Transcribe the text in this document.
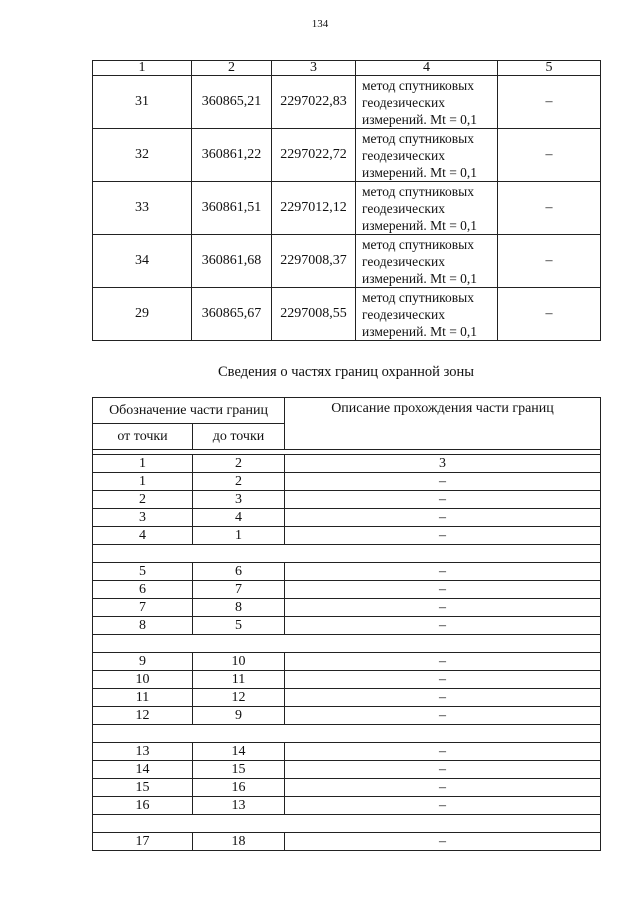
134
1	2	3	4	5
31	360865,21	2297022,83	метод спутниковых
геодезических
измерений. Mt = 0,1	–
32	360861,22	2297022,72	метод спутниковых
геодезических
измерений. Mt = 0,1	–
33	360861,51	2297012,12	метод спутниковых
геодезических
измерений. Mt = 0,1	–
34	360861,68	2297008,37	метод спутниковых
геодезических
измерений. Mt = 0,1	–
29	360865,67	2297008,55	метод спутниковых
геодезических
измерений. Mt = 0,1	–
Сведения о частях границ охранной зоны
Обозначение части границ		Описание прохождения части границ
от точки	до точки	

1	2	3
1	2	–
2	3	–
3	4	–
4	1	–

5	6	–
6	7	–
7	8	–
8	5	–

9	10	–
10	11	–
11	12	–
12	9	–

13	14	–
14	15	–
15	16	–
16	13	–

17	18	–
